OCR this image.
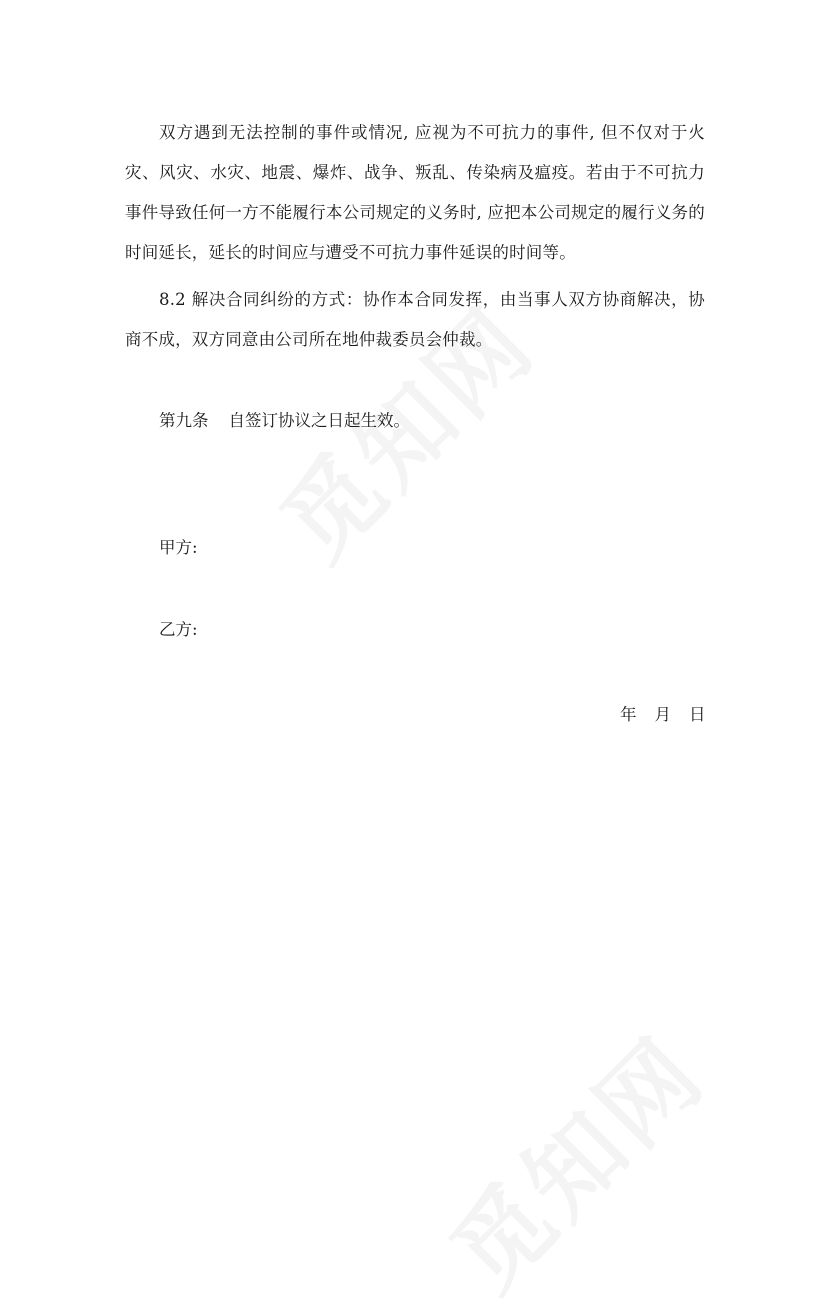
双方遇到无法控制的事件或情况, 应视为不可抗力的事件, 但不仅对于火灾、风灾、水灾、地震、爆炸、战争、叛乱、传染病及瘟疫。若由于不可抗力事件导致任何一方不能履行本公司规定的义务时, 应把本公司规定的履行义务的时间延长，延长的时间应与遭受不可抗力事件延误的时间等。

8.2 解决合同纠纷的方式：协作本合同发挥，由当事人双方协商解决，协商不成，双方同意由公司所在地仲裁委员会仲裁。

第九条 自签订协议之日起生效。

甲方:

乙方:

年 月 日
